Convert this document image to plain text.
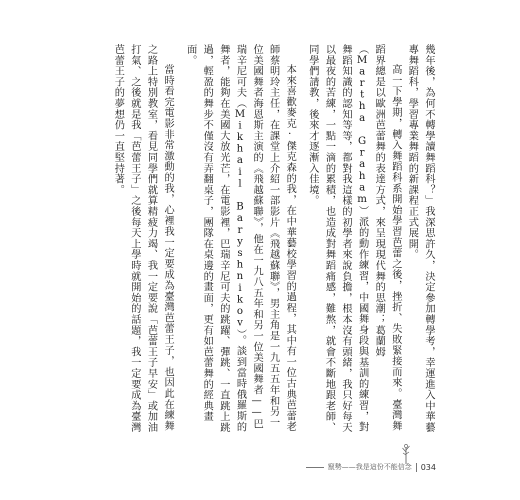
幾年後，為何不轉學讀舞蹈科？」我深思許久，決定參加轉學考，幸運進入中華藝專舞蹈科，學習專業舞蹈的新課程正式展開。

高一下學期，轉入舞蹈科系開始學習芭蕾之後，挫折、失敗緊接而來。臺灣舞蹈界總是以歐洲芭蕾舞的表達方式，來呈現現代舞的思潮；葛蘭姆（Martha Graham）派的動作練習，中國舞身段與基訓的練習，對舞蹈知識的認知等等，都對我這樣的初學者來說負擔，根本沒有頭緒，我只好每天以最夜的苦練，一點一滴的累積，也造成對舞蹈痛感，難熬，就會不斷地跟老師、同學們請教，後來才逐漸入佳境。

本來喜歡麥克·傑克森的我，在中華藝校學習的過程，其中有一位古典芭蕾老師蔡明玲主任，在課堂上介紹一部影片《飛越蘇聯》，男主角是一九五五年和另一位美國舞者海恩斯主演的《飛越蘇聯》，他在一九八五年和另一位美國舞者——巴瑞辛尼可夫（Mikhail Baryshnikov）。談到當時俄羅斯的舞者，能夠在美國大放光芒，在電影裡，巴瑞辛尼可夫的跳躍、彈跳、一直跳上跳過，輕盈的舞步不僅沒有弄翻桌子，團隊在桌邊的畫面，更有如芭蕾舞的經典畫面。

當時看完電影非常激動的我，心裡我一定要成為臺灣芭蕾王子，也因此在練舞之路上特別教室，看見同學們就算精疲力竭、我一定要說「芭蕾王子早安」或加油打氣、之後就是我「芭蕾王子」之後每天上學時就開始的話題，我一定要成為臺灣芭蕾王子的夢想仍一直堅持著。

竄勢——我是這份不能信念 034
